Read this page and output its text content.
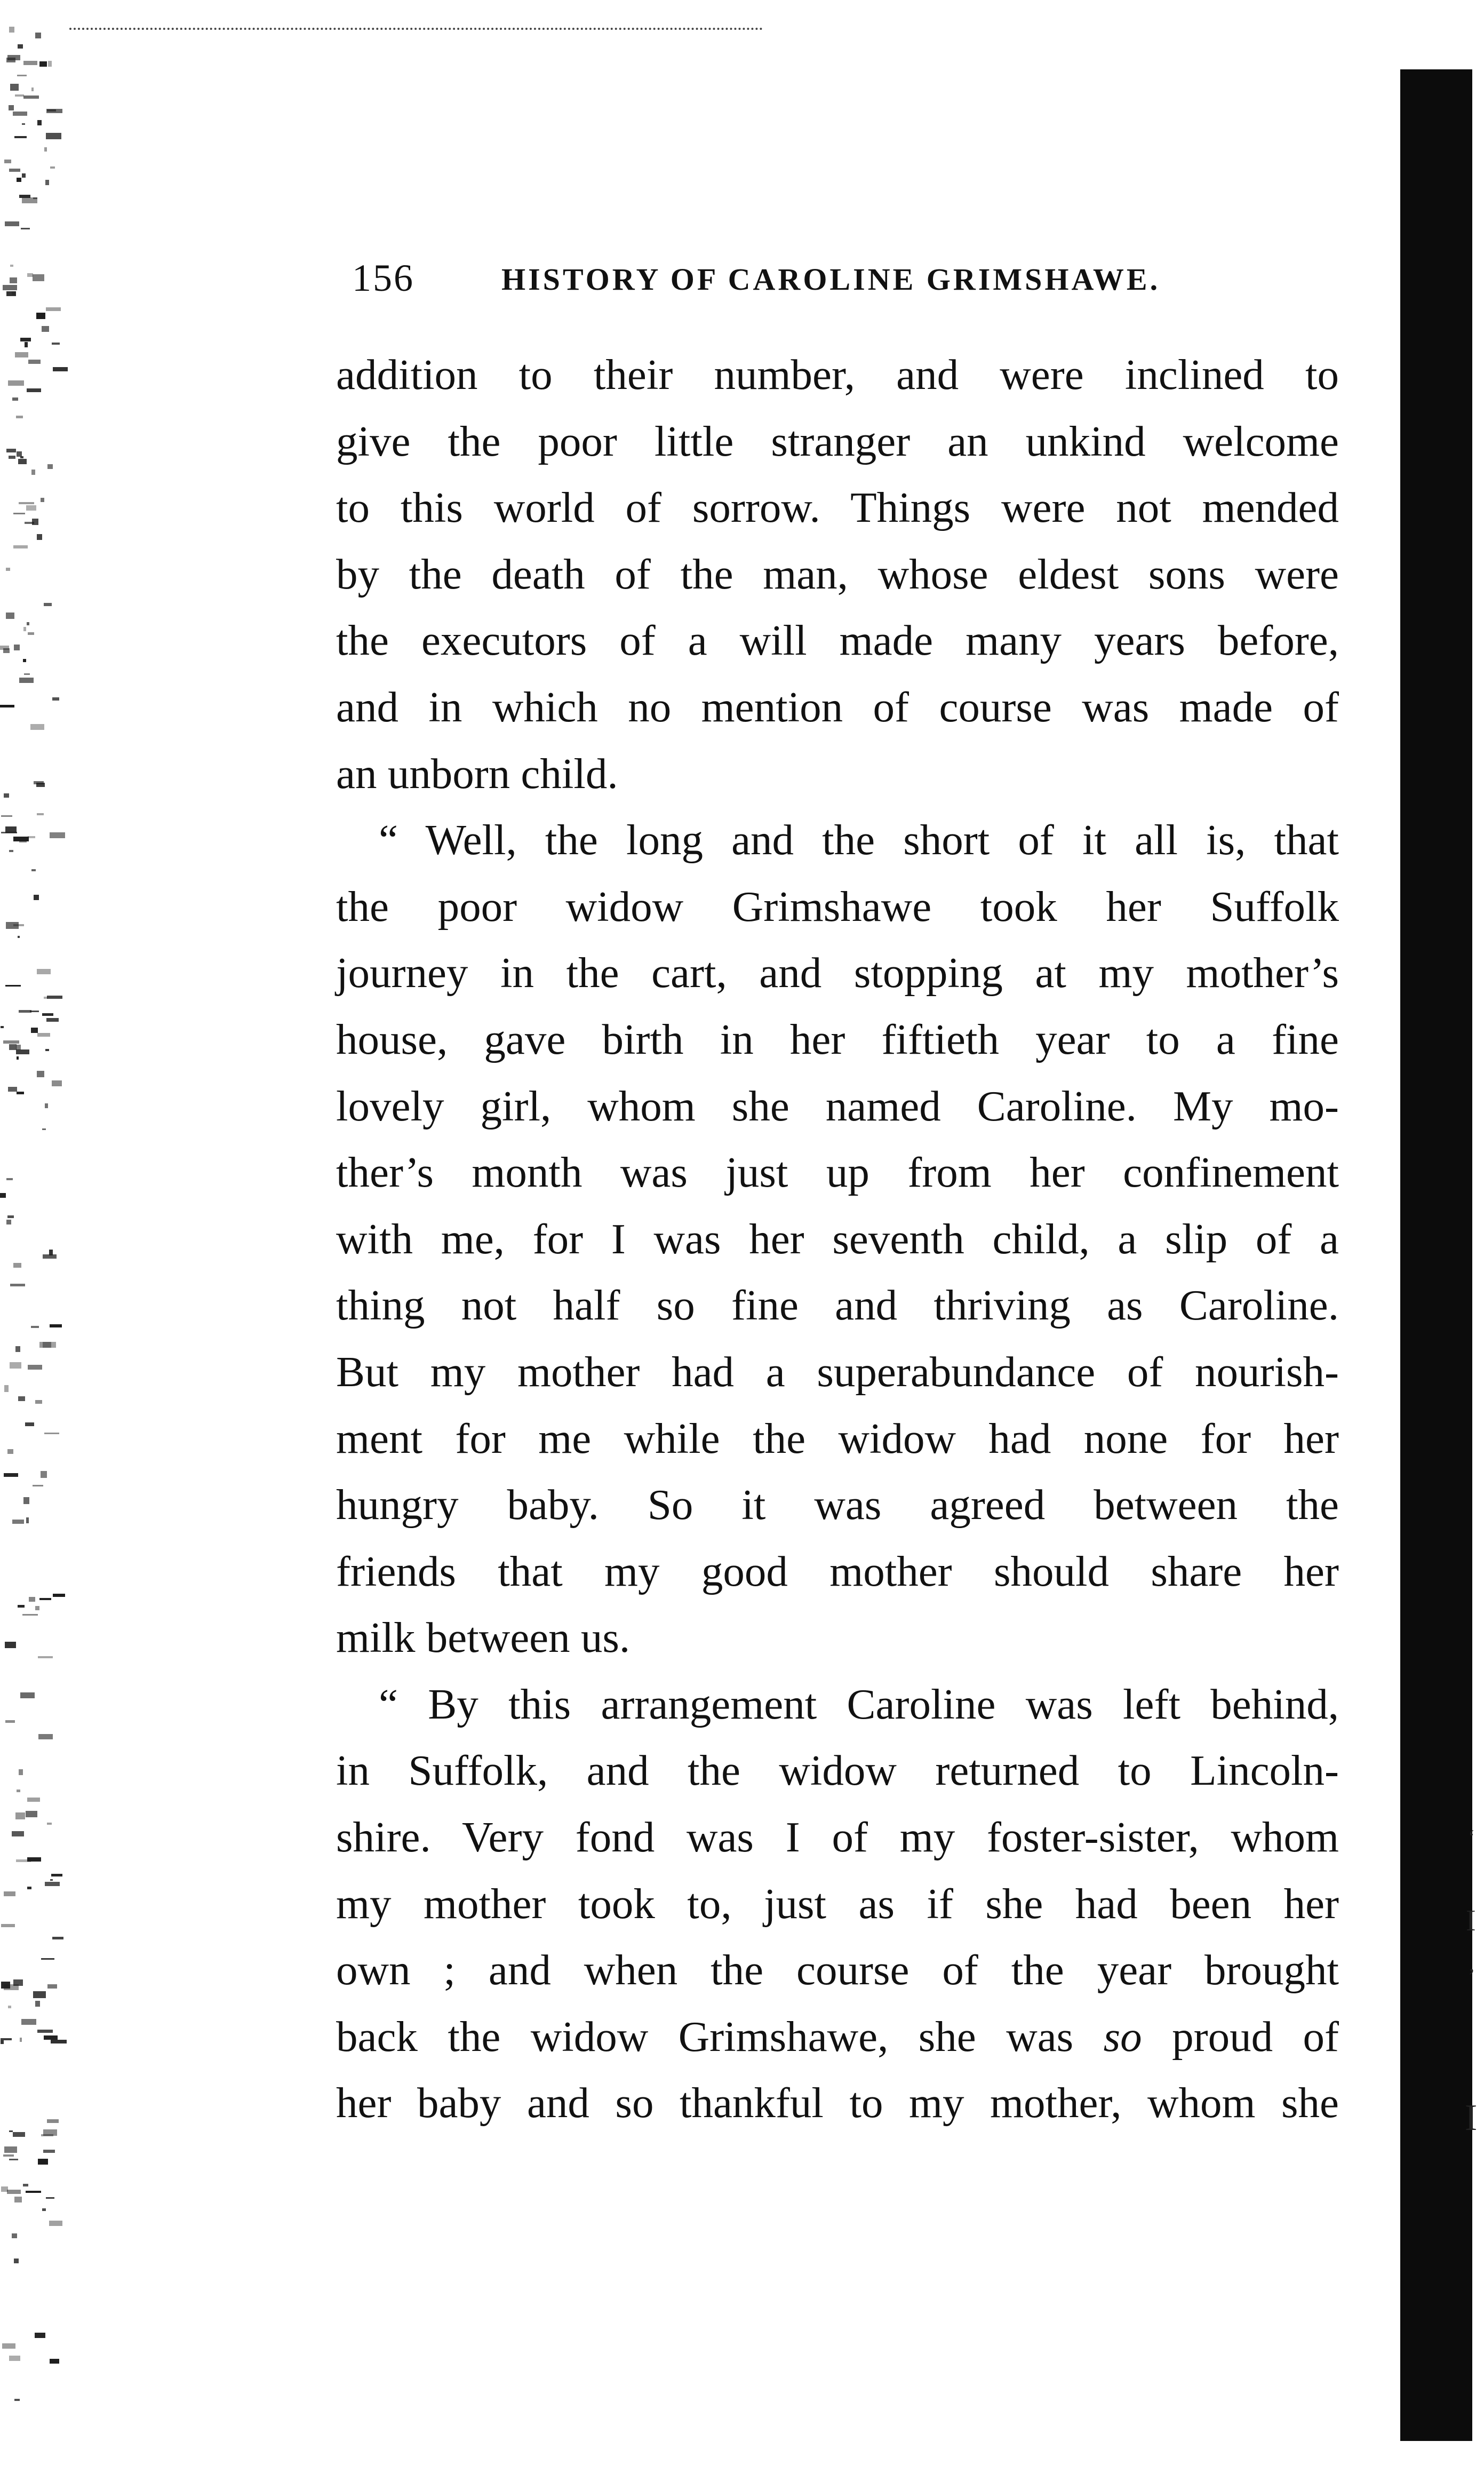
‘
I
’
I
156	HISTORY OF CAROLINE GRIMSHAWE.
addition to their number, and were inclined to
give the poor little stranger an unkind welcome
to this world of sorrow. Things were not mended
by the death of the man, whose eldest sons were
the executors of a will made many years before,
and in which no mention of course was made of
an unborn child.
“ Well, the long and the short of it all is, that
the poor widow Grimshawe took her Suffolk
journey in the cart, and stopping at my mother’s
house, gave birth in her fiftieth year to a fine
lovely girl, whom she named Caroline. My mo-
ther’s month was just up from her confinement
with me, for I was her seventh child, a slip of a
thing not half so fine and thriving as Caroline.
But my mother had a superabundance of nourish-
ment for me while the widow had none for her
hungry baby. So it was agreed between the
friends that my good mother should share her
milk between us.
“ By this arrangement Caroline was left behind,
in Suffolk, and the widow returned to Lincoln-
shire. Very fond was I of my foster-sister, whom
my mother took to, just as if she had been her
own ; and when the course of the year brought
back the widow Grimshawe, she was so proud of
her baby and so thankful to my mother, whom she
